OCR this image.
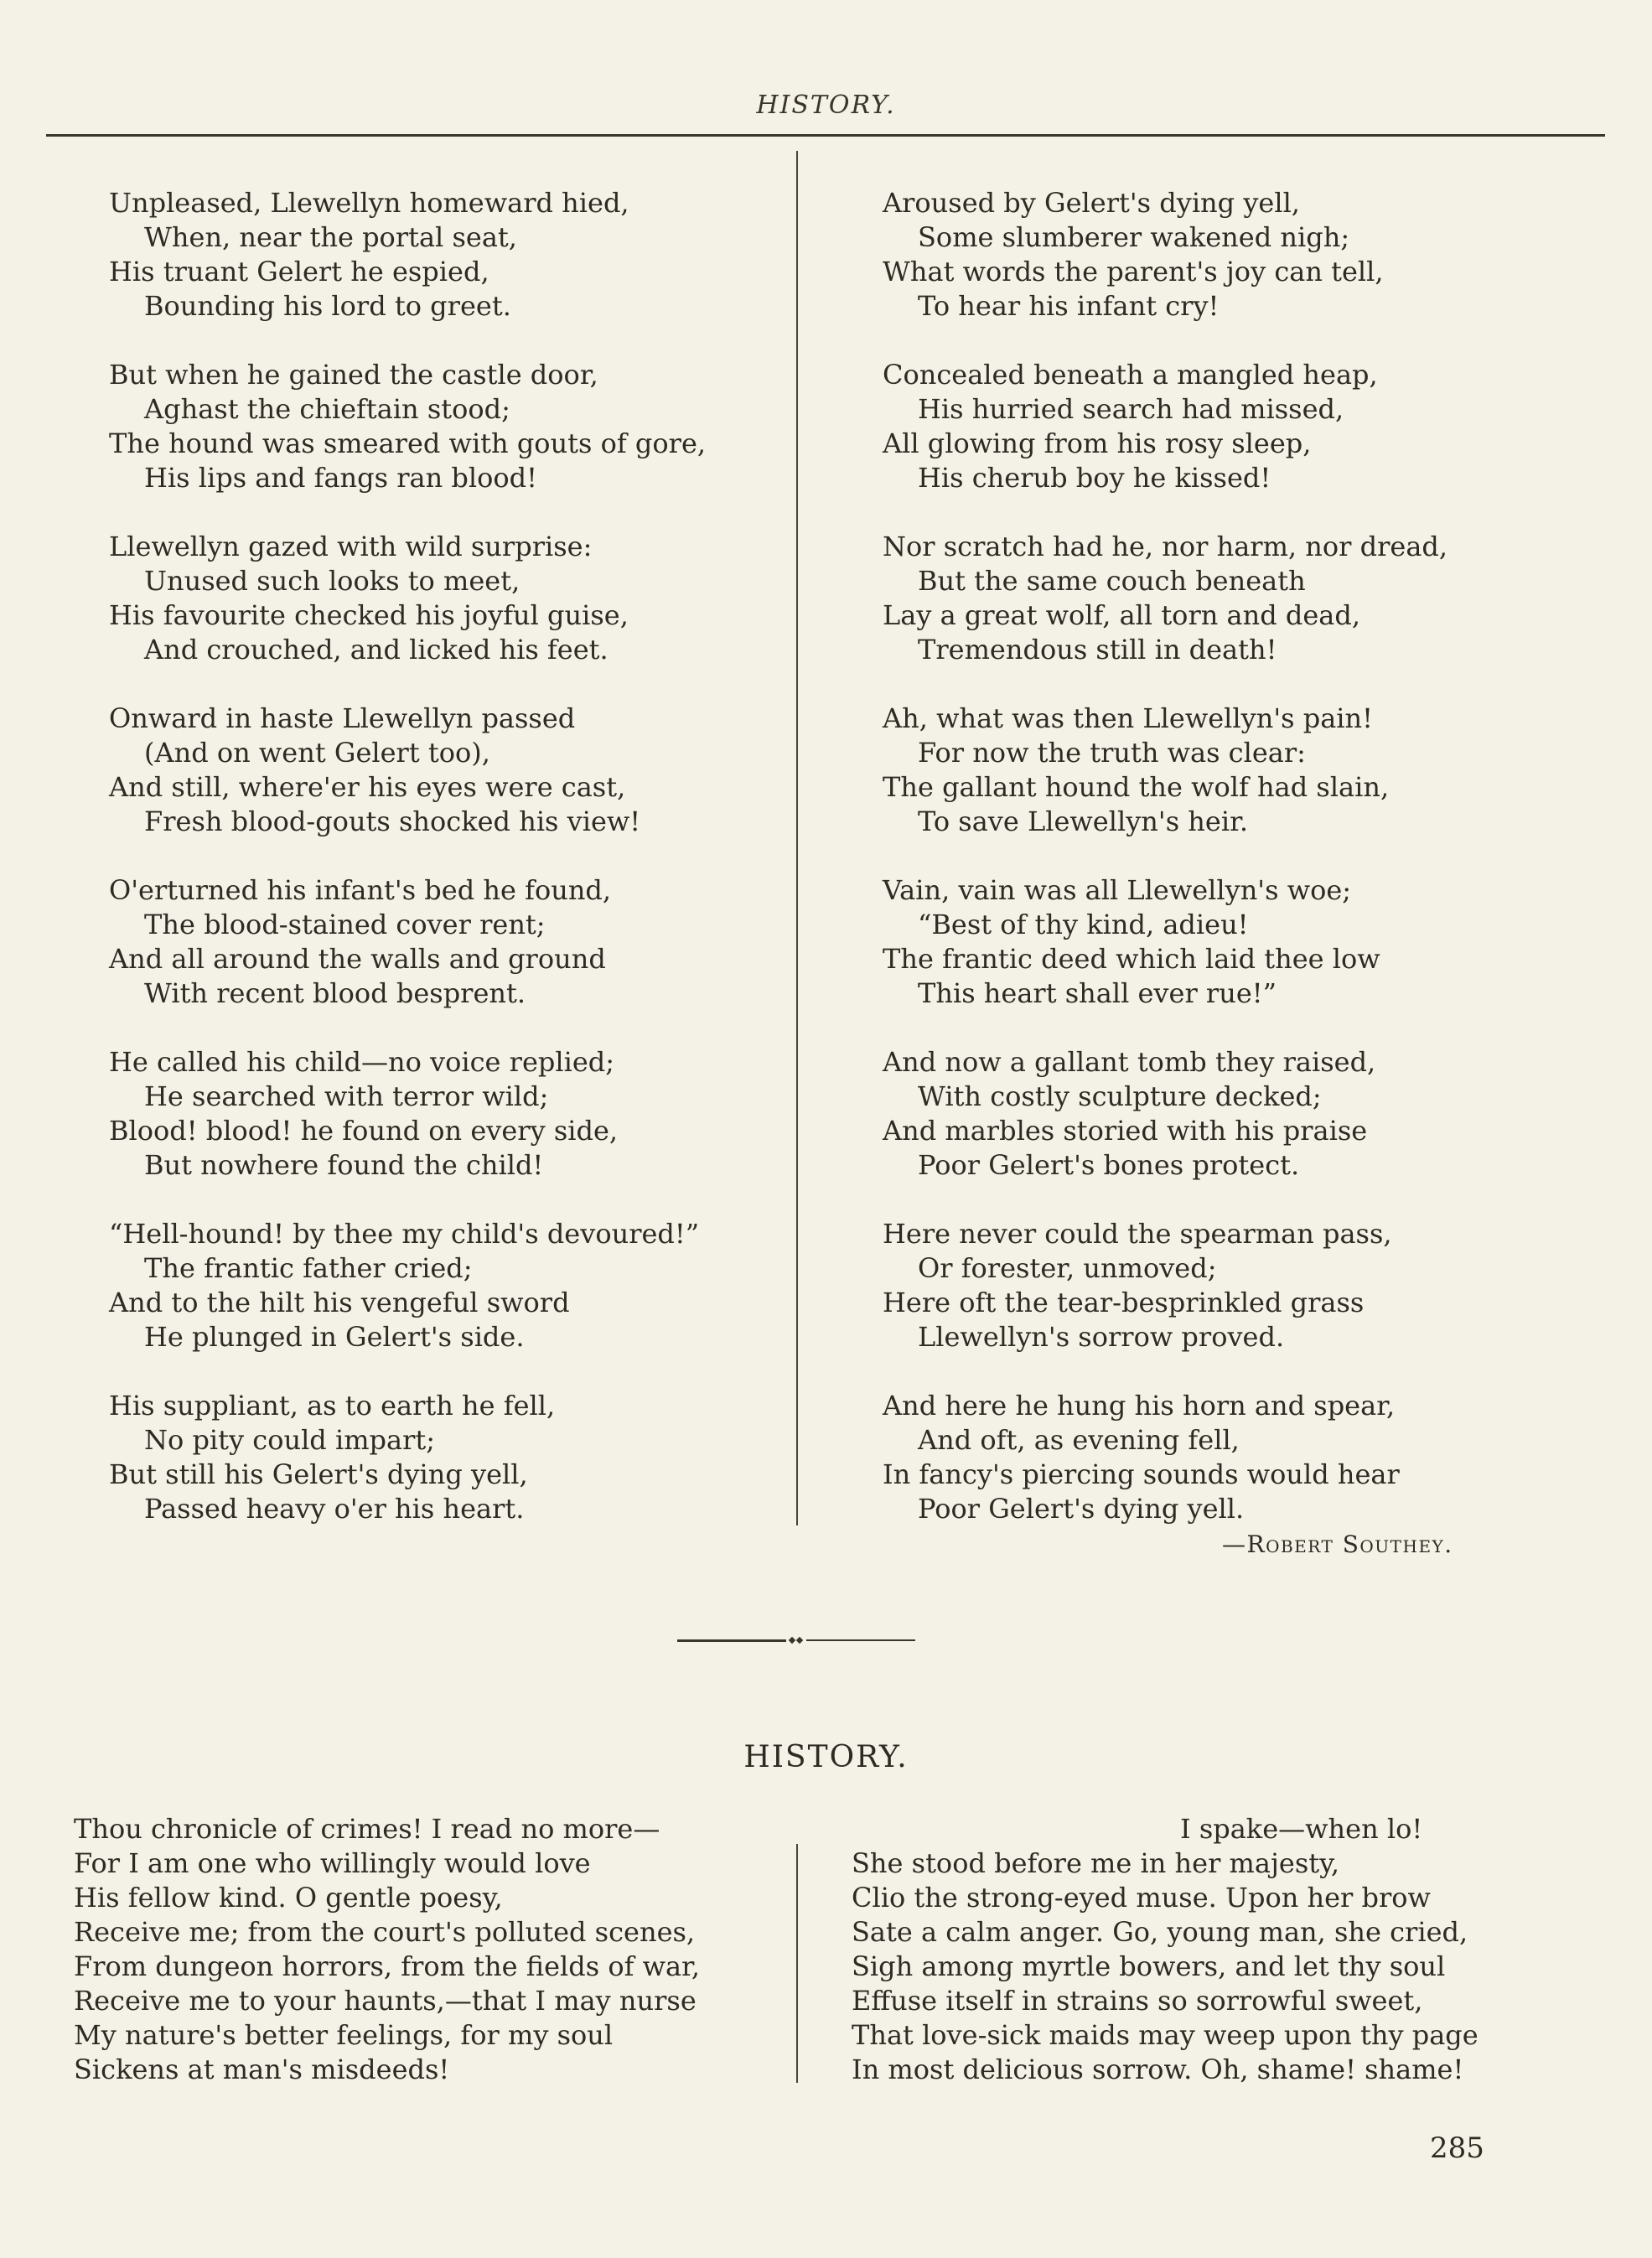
HISTORY.
Unpleased, Llewellyn homeward hied,
When, near the portal seat,
His truant Gelert he espied,
Bounding his lord to greet.
But when he gained the castle door,
Aghast the chieftain stood;
The hound was smeared with gouts of gore,
His lips and fangs ran blood!
Llewellyn gazed with wild surprise:
Unused such looks to meet,
His favourite checked his joyful guise,
And crouched, and licked his feet.
Onward in haste Llewellyn passed
(And on went Gelert too),
And still, where'er his eyes were cast,
Fresh blood-gouts shocked his view!
O'erturned his infant's bed he found,
The blood-stained cover rent;
And all around the walls and ground
With recent blood besprent.
He called his child—no voice replied;
He searched with terror wild;
Blood! blood! he found on every side,
But nowhere found the child!
“Hell-hound! by thee my child's devoured!”
The frantic father cried;
And to the hilt his vengeful sword
He plunged in Gelert's side.
His suppliant, as to earth he fell,
No pity could impart;
But still his Gelert's dying yell,
Passed heavy o'er his heart.
Aroused by Gelert's dying yell,
Some slumberer wakened nigh;
What words the parent's joy can tell,
To hear his infant cry!
Concealed beneath a mangled heap,
His hurried search had missed,
All glowing from his rosy sleep,
His cherub boy he kissed!
Nor scratch had he, nor harm, nor dread,
But the same couch beneath
Lay a great wolf, all torn and dead,
Tremendous still in death!
Ah, what was then Llewellyn's pain!
For now the truth was clear:
The gallant hound the wolf had slain,
To save Llewellyn's heir.
Vain, vain was all Llewellyn's woe;
“Best of thy kind, adieu!
The frantic deed which laid thee low
This heart shall ever rue!”
And now a gallant tomb they raised,
With costly sculpture decked;
And marbles storied with his praise
Poor Gelert's bones protect.
Here never could the spearman pass,
Or forester, unmoved;
Here oft the tear-besprinkled grass
Llewellyn's sorrow proved.
And here he hung his horn and spear,
And oft, as evening fell,
In fancy's piercing sounds would hear
Poor Gelert's dying yell.
—Robert Southey.
HISTORY.
Thou chronicle of crimes! I read no more—
For I am one who willingly would love
His fellow kind. O gentle poesy,
Receive me; from the court's polluted scenes,
From dungeon horrors, from the fields of war,
Receive me to your haunts,—that I may nurse
My nature's better feelings, for my soul
Sickens at man's misdeeds!
I spake—when lo!
She stood before me in her majesty,
Clio the strong-eyed muse. Upon her brow
Sate a calm anger. Go, young man, she cried,
Sigh among myrtle bowers, and let thy soul
Effuse itself in strains so sorrowful sweet,
That love-sick maids may weep upon thy page
In most delicious sorrow. Oh, shame! shame!
285
